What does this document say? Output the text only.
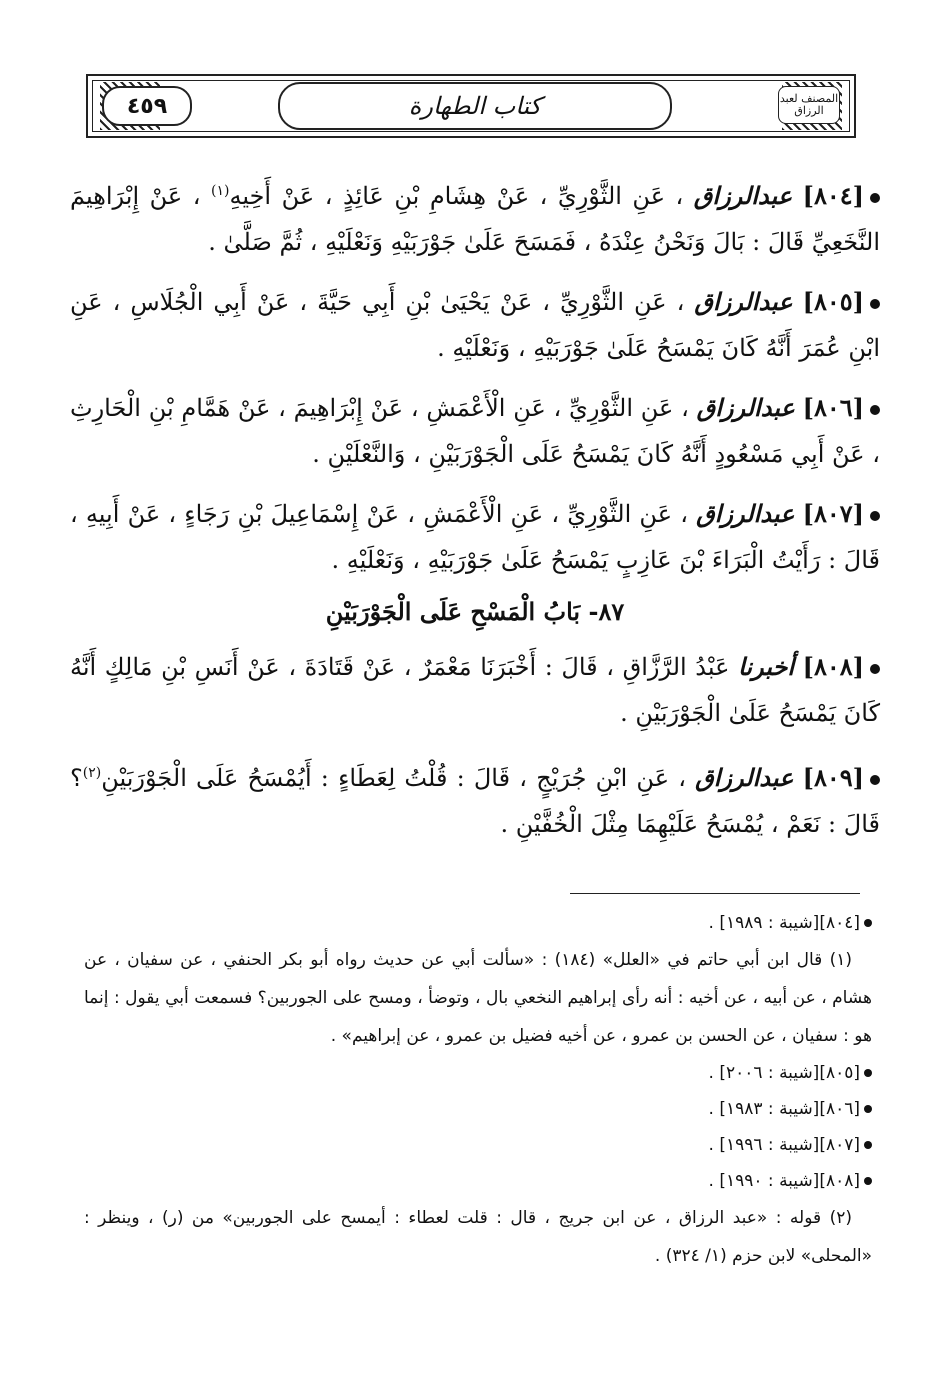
٤٥٩	كتاب الطهارة	المصنف لعبد الرزاق

[٨٠٤] عبدالرزاق ، عَنِ الثَّوْرِيِّ ، عَنْ هِشَامِ بْنِ عَائِذٍ ، عَنْ أَخِيهِ$^{(١)}$ ، عَنْ إِبْرَاهِيمَ النَّخَعِيِّ قَالَ : بَالَ وَنَحْنُ عِنْدَهُ ، فَمَسَحَ عَلَىٰ جَوْرَبَيْهِ وَنَعْلَيْهِ ، ثُمَّ صَلَّىٰ .

[٨٠٥] عبدالرزاق ، عَنِ الثَّوْرِيِّ ، عَنْ يَحْيَىٰ بْنِ أَبِي حَيَّةَ ، عَنْ أَبِي الْجُلَاسِ ، عَنِ ابْنِ عُمَرَ أَنَّهُ كَانَ يَمْسَحُ عَلَىٰ جَوْرَبَيْهِ ، وَنَعْلَيْهِ .

[٨٠٦] عبدالرزاق ، عَنِ الثَّوْرِيِّ ، عَنِ الْأَعْمَشِ ، عَنْ إِبْرَاهِيمَ ، عَنْ هَمَّامِ بْنِ الْحَارِثِ ، عَنْ أَبِي مَسْعُودٍ أَنَّهُ كَانَ يَمْسَحُ عَلَى الْجَوْرَبَيْنِ ، وَالنَّعْلَيْنِ .

[٨٠٧] عبدالرزاق ، عَنِ الثَّوْرِيِّ ، عَنِ الْأَعْمَشِ ، عَنْ إِسْمَاعِيلَ بْنِ رَجَاءٍ ، عَنْ أَبِيهِ ، قَالَ : رَأَيْتُ الْبَرَاءَ بْنَ عَازِبٍ يَمْسَحُ عَلَىٰ جَوْرَبَيْهِ ، وَنَعْلَيْهِ .

٨٧- بَابُ الْمَسْحِ عَلَى الْجَوْرَبَيْنِ

[٨٠٨] أخبرنا عَبْدُ الرَّزَّاقِ ، قَالَ : أَخْبَرَنَا مَعْمَرٌ ، عَنْ قَتَادَةَ ، عَنْ أَنَسِ بْنِ مَالِكٍ أَنَّهُ كَانَ يَمْسَحُ عَلَىٰ الْجَوْرَبَيْنِ .

[٨٠٩] عبدالرزاق ، عَنِ ابْنِ جُرَيْجٍ ، قَالَ : قُلْتُ لِعَطَاءٍ : أَيُمْسَحُ عَلَى الْجَوْرَبَيْنِ$^{(٢)}$؟ قَالَ : نَعَمْ ، يُمْسَحُ عَلَيْهِمَا مِثْلَ الْخُفَّيْنِ .

[٨٠٤][شيبة : ١٩٨٩] .
(١) قال ابن أبي حاتم في «العلل» (١٨٤) : «سألت أبي عن حديث رواه أبو بكر الحنفي ، عن سفيان ، عن هشام ، عن أبيه ، عن أخيه : أنه رأى إبراهيم النخعي بال ، وتوضأ ، ومسح على الجوربين؟ فسمعت أبي يقول : إنما هو : سفيان ، عن الحسن بن عمرو ، عن أخيه فضيل بن عمرو ، عن إبراهيم» .
[٨٠٥][شيبة : ٢٠٠٦] .
[٨٠٦][شيبة : ١٩٨٣] .
[٨٠٧][شيبة : ١٩٩٦] .
[٨٠٨][شيبة : ١٩٩٠] .
(٢) قوله : «عبد الرزاق ، عن ابن جريج ، قال : قلت لعطاء : أيمسح على الجوربين» من (ر) ، وينظر : «المحلى» لابن حزم (١/ ٣٢٤) .
